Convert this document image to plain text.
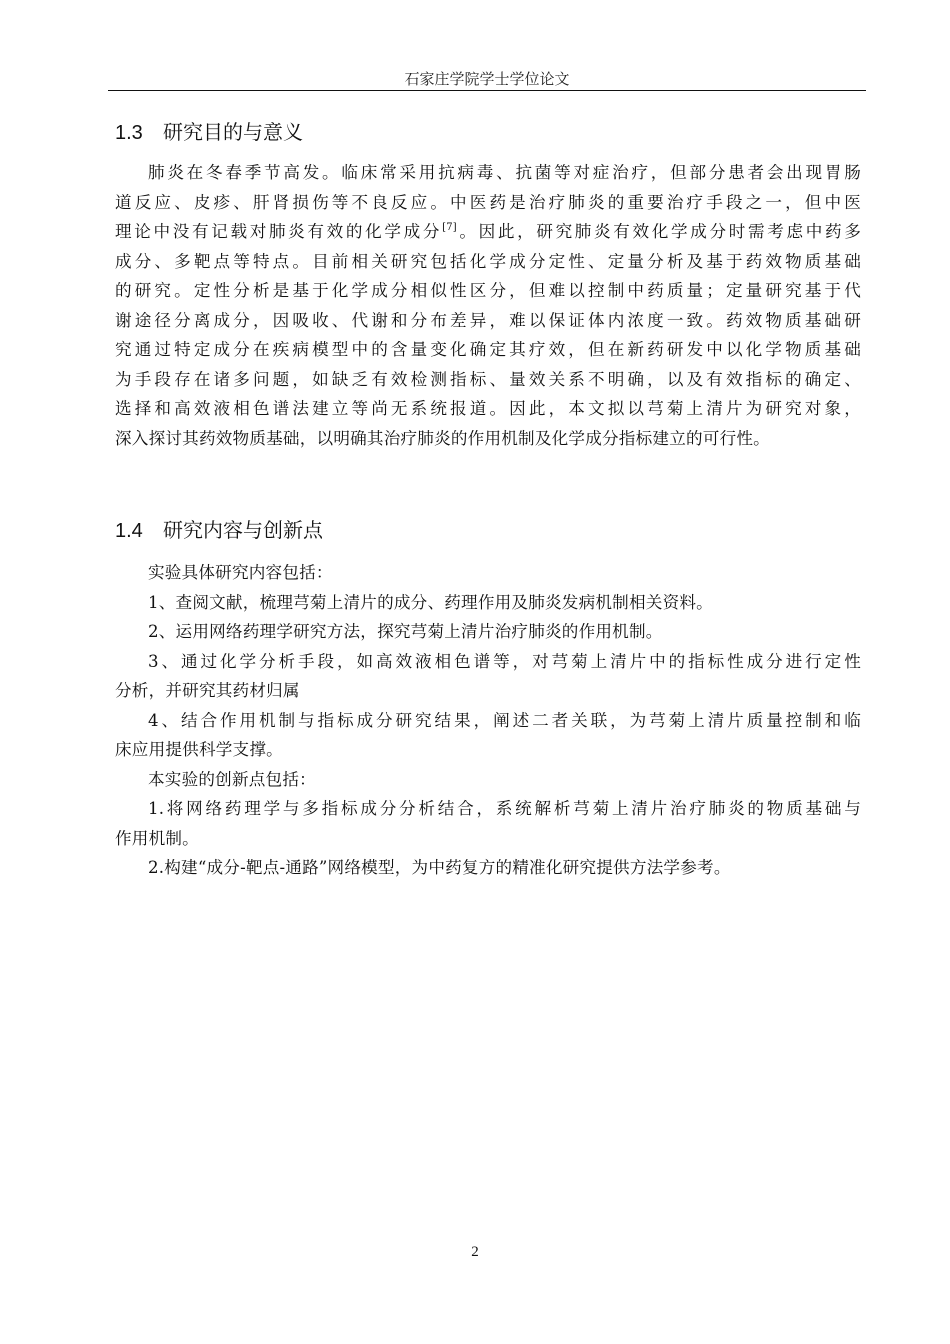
石家庄学院学士学位论文
1.3 研究目的与意义
肺炎在冬春季节高发。临床常采用抗病毒、抗菌等对症治疗，但部分患者会出现胃肠
道反应、皮疹、肝肾损伤等不良反应。中医药是治疗肺炎的重要治疗手段之一，但中医
理论中没有记载对肺炎有效的化学成分[7]。因此，研究肺炎有效化学成分时需考虑中药多
成分、多靶点等特点。目前相关研究包括化学成分定性、定量分析及基于药效物质基础
的研究。定性分析是基于化学成分相似性区分，但难以控制中药质量；定量研究基于代
谢途径分离成分，因吸收、代谢和分布差异，难以保证体内浓度一致。药效物质基础研
究通过特定成分在疾病模型中的含量变化确定其疗效，但在新药研发中以化学物质基础
为手段存在诸多问题，如缺乏有效检测指标、量效关系不明确，以及有效指标的确定、
选择和高效液相色谱法建立等尚无系统报道。因此，本文拟以芎菊上清片为研究对象，
深入探讨其药效物质基础，以明确其治疗肺炎的作用机制及化学成分指标建立的可行性。
1.4 研究内容与创新点
实验具体研究内容包括：
1、查阅文献，梳理芎菊上清片的成分、药理作用及肺炎发病机制相关资料。
2、运用网络药理学研究方法，探究芎菊上清片治疗肺炎的作用机制。
3、通过化学分析手段，如高效液相色谱等，对芎菊上清片中的指标性成分进行定性
分析，并研究其药材归属
4、结合作用机制与指标成分研究结果，阐述二者关联，为芎菊上清片质量控制和临
床应用提供科学支撑。
本实验的创新点包括：
1.将网络药理学与多指标成分分析结合，系统解析芎菊上清片治疗肺炎的物质基础与
作用机制。
2.构建“成分-靶点-通路”网络模型，为中药复方的精准化研究提供方法学参考。
2
